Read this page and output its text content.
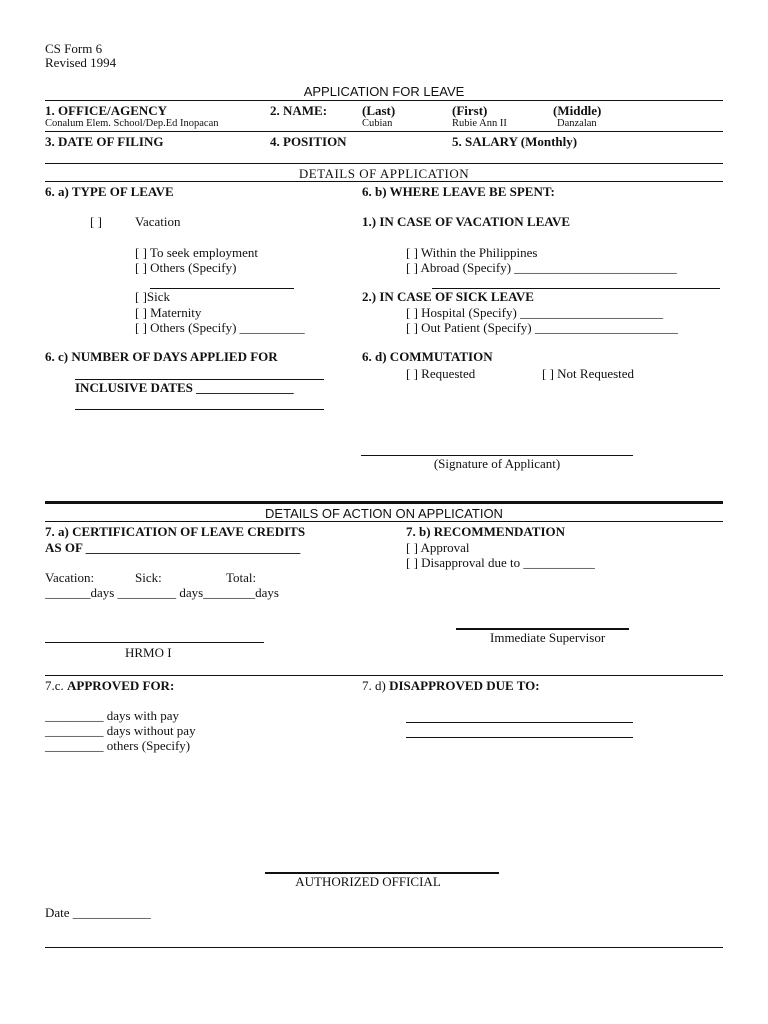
CS Form 6
Revised 1994
APPLICATION FOR LEAVE
1. OFFICE/AGENCY
Conalum Elem. School/Dep.Ed Inopacan
2. NAME:	(Last)	(First)	(Middle)
Cubian	Rubie Ann II	Danzalan
3. DATE OF FILING	4. POSITION	5. SALARY (Monthly)
DETAILS OF APPLICATION
6. a) TYPE OF LEAVE
[ ]	Vacation
[ ] To seek employment
[ ] Others (Specify)
[ ]Sick
[ ] Maternity
[ ] Others (Specify) __________
6. b) WHERE LEAVE BE SPENT:
1.) IN CASE OF VACATION LEAVE
[ ] Within the Philippines
[ ] Abroad (Specify) _________________________
2.) IN CASE OF SICK LEAVE
[ ] Hospital (Specify) ______________________
[ ] Out Patient (Specify) ______________________
6. c) NUMBER OF DAYS APPLIED FOR
INCLUSIVE DATES _______________
6. d) COMMUTATION
[ ] Requested	[ ] Not Requested
(Signature of Applicant)
DETAILS OF ACTION ON APPLICATION
7. a) CERTIFICATION OF LEAVE CREDITS
AS OF _________________________________
Vacation:	Sick:	Total:
_______days _________ days________days
HRMO I
7. b) RECOMMENDATION
[ ] Approval
[ ] Disapproval due to ___________
Immediate Supervisor
7.c. APPROVED FOR:
_________ days with pay
_________ days without pay
_________ others (Specify)
7. d) DISAPPROVED DUE TO:
AUTHORIZED OFFICIAL
Date ____________
